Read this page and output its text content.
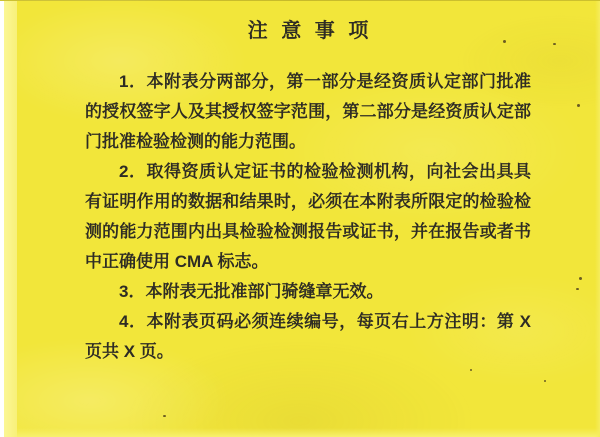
注意事项

1．本附表分两部分，第一部分是经资质认定部门批准的授权签字人及其授权签字范围，第二部分是经资质认定部门批准检验检测的能力范围。

2．取得资质认定证书的检验检测机构，向社会出具具有证明作用的数据和结果时，必须在本附表所限定的检验检测的能力范围内出具检验检测报告或证书，并在报告或者书中正确使用 CMA 标志。

3．本附表无批准部门骑缝章无效。

4．本附表页码必须连续编号，每页右上方注明：第 X 页共 X 页。
